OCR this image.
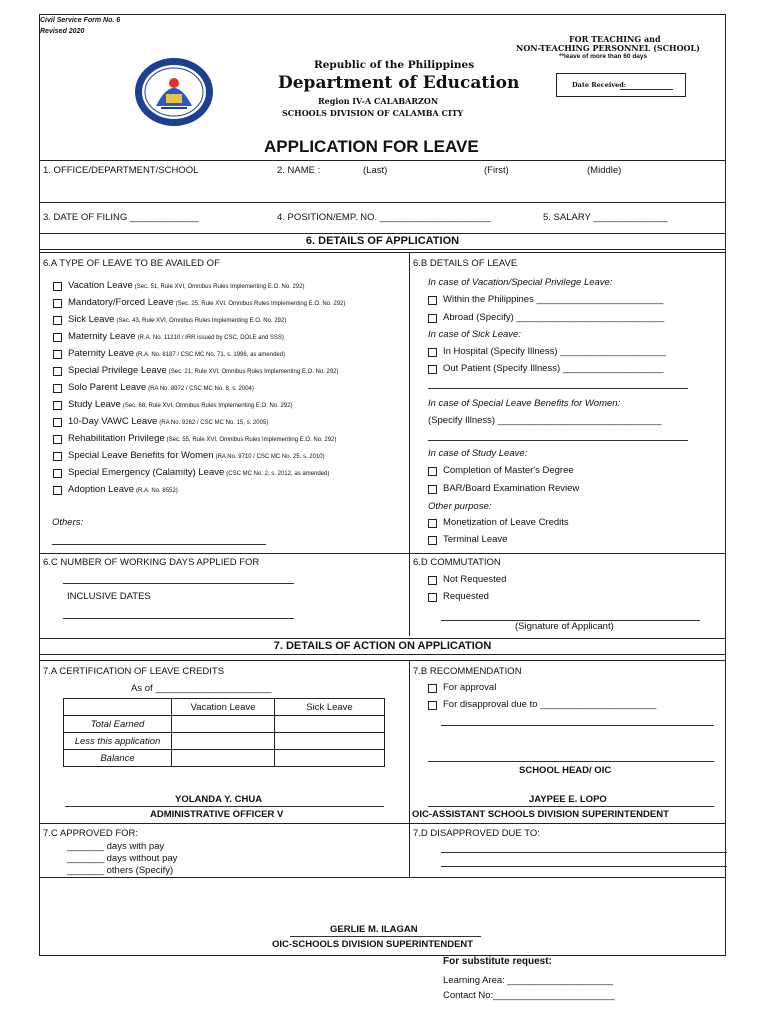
Civil Service Form No. 6
Revised 2020
Republic of the Philippines
Department of Education
Region IV-A CALABARZON
SCHOOLS DIVISION OF CALAMBA CITY
FOR TEACHING and
NON-TEACHING PERSONNEL (SCHOOL)
**leave of more than 60 days
Date Received:
APPLICATION FOR LEAVE
1. OFFICE/DEPARTMENT/SCHOOL	2. NAME :	(Last)	(First)	(Middle)
3. DATE OF FILING _____________	4. POSITION/EMP. NO. _____________________	5. SALARY ______________
6. DETAILS OF APPLICATION
6.A TYPE OF LEAVE TO BE AVAILED OF
Vacation Leave (Sec. 51, Rule XVI, Omnibus Rules Implementing E.O. No. 292)
Mandatory/Forced Leave (Sec. 25, Rule XVI, Omnibus Rules Implementing E.O. No. 292)
Sick Leave (Sec. 43, Rule XVI, Omnibus Rules Implementing E.O. No. 292)
Maternity Leave (R.A. No. 11210 / IRR issued by CSC, DOLE and SSS)
Paternity Leave (R.A. No. 8187 / CSC MC No. 71, s. 1998, as amended)
Special Privilege Leave (Sec. 21, Rule XVI, Omnibus Rules Implementing E.O. No. 292)
Solo Parent Leave (RA No. 8972 / CSC MC No. 8, s. 2004)
Study Leave (Sec. 68, Rule XVI, Omnibus Rules Implementing E.O. No. 292)
10-Day VAWC Leave (RA No. 9262 / CSC MC No. 15, s. 2005)
Rehabilitation Privilege (Sec. 55, Rule XVI, Omnibus Rules Implementing E.O. No. 292)
Special Leave Benefits for Women (RA No. 9710 / CSC MC No. 25, s. 2010)
Special Emergency (Calamity) Leave (CSC MC No. 2, s. 2012, as amended)
Adoption Leave (R.A. No. 8552)
Others:
6.B DETAILS OF LEAVE
In case of Vacation/Special Privilege Leave:
Within the Philippines ________________________
Abroad (Specify) ____________________________
In case of Sick Leave:
In Hospital (Specify Illness) ____________________
Out Patient (Specify Illness) ___________________
In case of Special Leave Benefits for Women:
(Specify Illness) _______________________________
In case of Study Leave:
Completion of Master's Degree
BAR/Board Examination Review
Other purpose:
Monetization of Leave Credits
Terminal Leave
6.C NUMBER OF WORKING DAYS APPLIED FOR
INCLUSIVE DATES
6.D COMMUTATION
Not Requested
Requested
(Signature of Applicant)
7. DETAILS OF ACTION ON APPLICATION
7.A CERTIFICATION OF LEAVE CREDITS
As of ______________________
	Vacation Leave	Sick Leave
Total Earned		
Less this application		
Balance		
YOLANDA Y. CHUA
ADMINISTRATIVE OFFICER V
7.B RECOMMENDATION
For approval
For disapproval due to ______________________
SCHOOL HEAD/ OIC
JAYPEE E. LOPO
OIC-ASSISTANT SCHOOLS DIVISION SUPERINTENDENT
7.C APPROVED FOR:
_______ days with pay
_______ days without pay
_______ others (Specify)
7.D DISAPPROVED DUE TO:
GERLIE M. ILAGAN
OIC-SCHOOLS DIVISION SUPERINTENDENT
For substitute request:
Learning Area: ____________________
Contact No:_______________________
